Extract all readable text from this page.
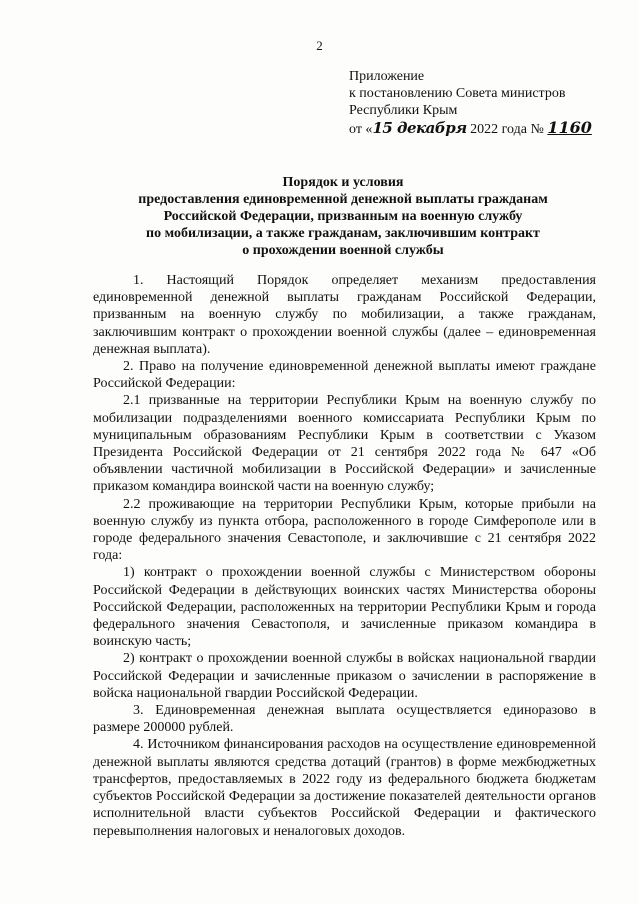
2
Приложение
к постановлению Совета министров
Республики Крым
от «15 декабря 2022 года № 1160
Порядок и условия
предоставления единовременной денежной выплаты гражданам
Российской Федерации, призванным на военную службу
по мобилизации, а также гражданам, заключившим контракт
о прохождении военной службы

1. Настоящий Порядок определяет механизм предоставления единовременной денежной выплаты гражданам Российской Федерации, призванным на военную службу по мобилизации, а также гражданам, заключившим контракт о прохождении военной службы (далее – единовременная денежная выплата).

2. Право на получение единовременной денежной выплаты имеют граждане Российской Федерации:

2.1 призванные на территории Республики Крым на военную службу по мобилизации подразделениями военного комиссариата Республики Крым по муниципальным образованиям Республики Крым в соответствии с Указом Президента Российской Федерации от 21 сентября 2022 года № 647 «Об объявлении частичной мобилизации в Российской Федерации» и зачисленные приказом командира воинской части на военную службу;

2.2 проживающие на территории Республики Крым, которые прибыли на военную службу из пункта отбора, расположенного в городе Симферополе или в городе федерального значения Севастополе, и заключившие с 21 сентября 2022 года:

1) контракт о прохождении военной службы с Министерством обороны Российской Федерации в действующих воинских частях Министерства обороны Российской Федерации, расположенных на территории Республики Крым и города федерального значения Севастополя, и зачисленные приказом командира в воинскую часть;

2) контракт о прохождении военной службы в войсках национальной гвардии Российской Федерации и зачисленные приказом о зачислении в распоряжение в войска национальной гвардии Российской Федерации.

3. Единовременная денежная выплата осуществляется единоразово в размере 200000 рублей.

4. Источником финансирования расходов на осуществление единовременной денежной выплаты являются средства дотаций (грантов) в форме межбюджетных трансфертов, предоставляемых в 2022 году из федерального бюджета бюджетам субъектов Российской Федерации за достижение показателей деятельности органов исполнительной власти субъектов Российской Федерации и фактического перевыполнения налоговых и неналоговых доходов.
